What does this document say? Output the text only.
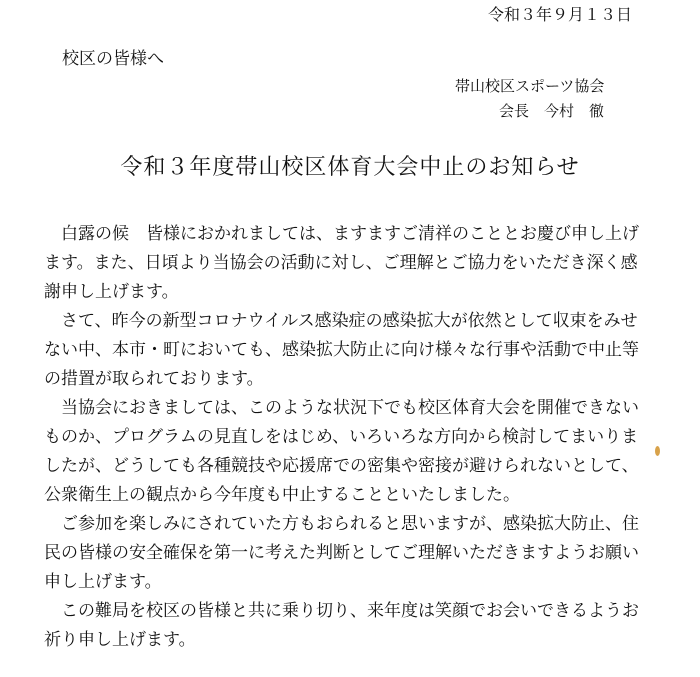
令和３年９月１３日
校区の皆様へ
帯山校区スポーツ協会
会長　今村　徹
令和３年度帯山校区体育大会中止のお知らせ

白露の候　皆様におかれましては、ますますご清祥のこととお慶び申し上げます。また、日頃より当協会の活動に対し、ご理解とご協力をいただき深く感謝申し上げます。

さて、昨今の新型コロナウイルス感染症の感染拡大が依然として収束をみせない中、本市・町においても、感染拡大防止に向け様々な行事や活動で中止等の措置が取られております。

当協会におきましては、このような状況下でも校区体育大会を開催できないものか、プログラムの見直しをはじめ、いろいろな方向から検討してまいりましたが、どうしても各種競技や応援席での密集や密接が避けられないとして、公衆衛生上の観点から今年度も中止することといたしました。

ご参加を楽しみにされていた方もおられると思いますが、感染拡大防止、住民の皆様の安全確保を第一に考えた判断としてご理解いただきますようお願い申し上げます。

この難局を校区の皆様と共に乗り切り、来年度は笑顔でお会いできるようお祈り申し上げます。
